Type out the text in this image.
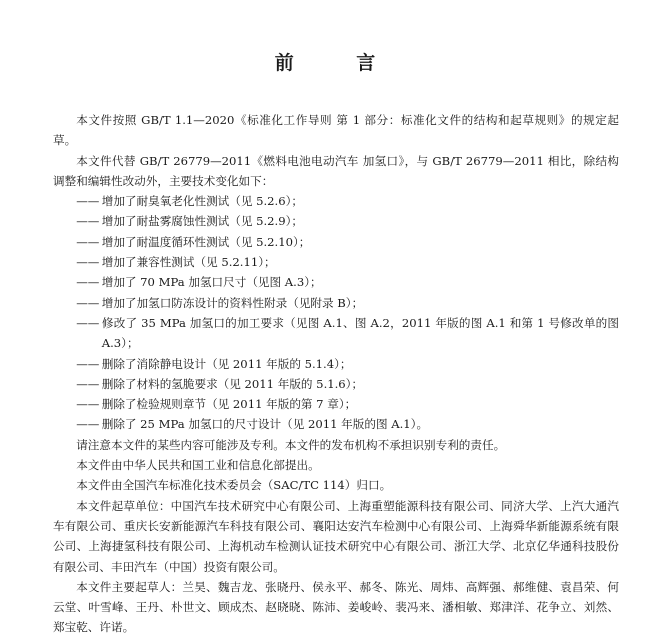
前 言

本文件按照 GB/T 1.1—2020《标准化工作导则 第 1 部分：标准化文件的结构和起草规则》的规定起草。

本文件代替 GB/T 26779—2011《燃料电池电动汽车 加氢口》，与 GB/T 26779—2011 相比，除结构调整和编辑性改动外，主要技术变化如下：

—— 增加了耐臭氧老化性测试（见 5.2.6）；

—— 增加了耐盐雾腐蚀性测试（见 5.2.9）；

—— 增加了耐温度循环性测试（见 5.2.10）；

—— 增加了兼容性测试（见 5.2.11）；

—— 增加了 70 MPa 加氢口尺寸（见图 A.3）；

—— 增加了加氢口防冻设计的资料性附录（见附录 B）；

—— 修改了 35 MPa 加氢口的加工要求（见图 A.1、图 A.2，2011 年版的图 A.1 和第 1 号修改单的图 A.3）；

—— 删除了消除静电设计（见 2011 年版的 5.1.4）；

—— 删除了材料的氢脆要求（见 2011 年版的 5.1.6）；

—— 删除了检验规则章节（见 2011 年版的第 7 章）；

—— 删除了 25 MPa 加氢口的尺寸设计（见 2011 年版的图 A.1）。

请注意本文件的某些内容可能涉及专利。本文件的发布机构不承担识别专利的责任。

本文件由中华人民共和国工业和信息化部提出。

本文件由全国汽车标准化技术委员会（SAC/TC 114）归口。

本文件起草单位：中国汽车技术研究中心有限公司、上海重塑能源科技有限公司、同济大学、上汽大通汽车有限公司、重庆长安新能源汽车科技有限公司、襄阳达安汽车检测中心有限公司、上海舜华新能源系统有限公司、上海捷氢科技有限公司、上海机动车检测认证技术研究中心有限公司、浙江大学、北京亿华通科技股份有限公司、丰田汽车（中国）投资有限公司。

本文件主要起草人：兰昊、魏吉龙、张晓丹、侯永平、郝冬、陈光、周炜、高辉强、郝维健、袁昌荣、何云堂、叶雪峰、王丹、朴世文、顾成杰、赵晓晓、陈沛、姜峻岭、裴冯来、潘相敏、郑津洋、花争立、刘然、郑宝乾、许诺。
